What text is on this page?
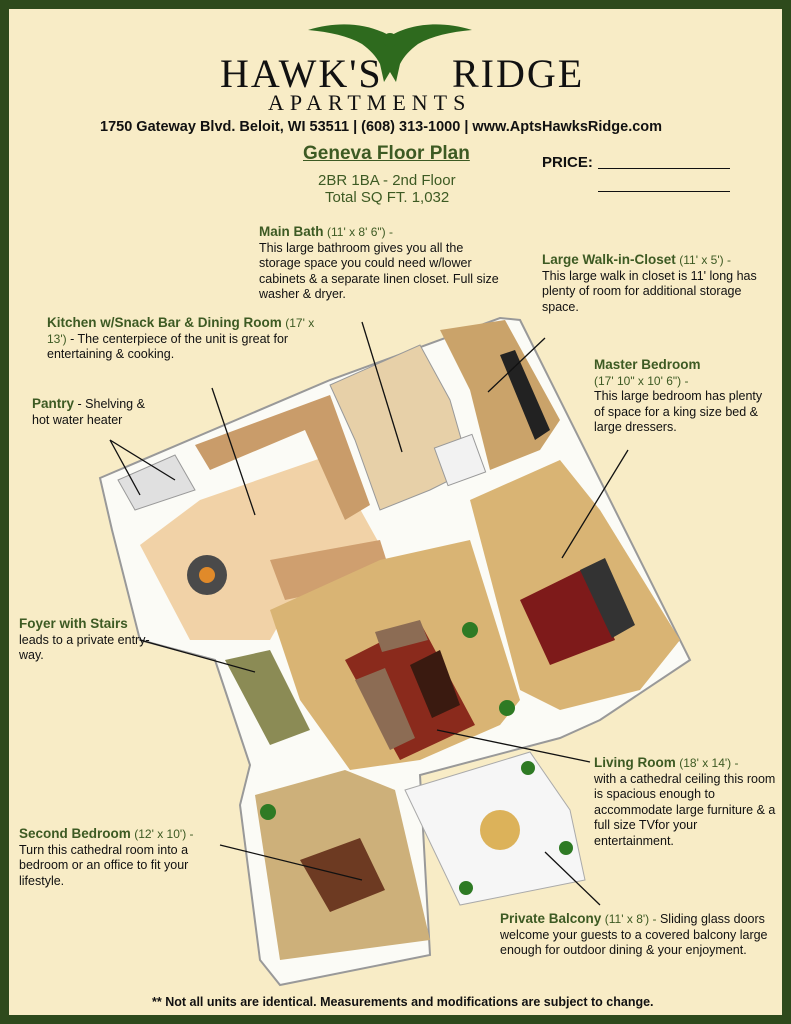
HAWK'S RIDGE
APARTMENTS
1750 Gateway Blvd. Beloit, WI 53511 | (608) 313-1000 | www.AptsHawksRidge.com
Geneva Floor Plan
2BR 1BA - 2nd Floor
Total SQ FT. 1,032
PRICE:
Main Bath (11' x 8' 6") -
This large bathroom gives you all the storage space you could need w/lower cabinets & a separate linen closet. Full size washer & dryer.
Large Walk-in-Closet (11' x 5') -
This large walk in closet is 11' long has plenty of room for additional storage space.
Kitchen w/Snack Bar & Dining Room (17' x 13') - The centerpiece of the unit is great for entertaining & cooking.
Master Bedroom
(17' 10" x 10' 6") -
This large bedroom has plenty of space for a king size bed & large dressers.
Pantry - Shelving & hot water heater
Foyer with Stairs
leads to a private entry-way.
Living Room (18' x 14') -
with a cathedral ceiling this room is spacious enough to accommodate large furniture & a full size TVfor your entertainment.
Second Bedroom (12' x 10') -
Turn this cathedral room into a bedroom or an office to fit your lifestyle.
Private Balcony (11' x 8') - Sliding glass doors welcome your guests to a covered balcony large enough for outdoor dining & your enjoyment.
** Not all units are identical. Measurements and modifications are subject to change.
